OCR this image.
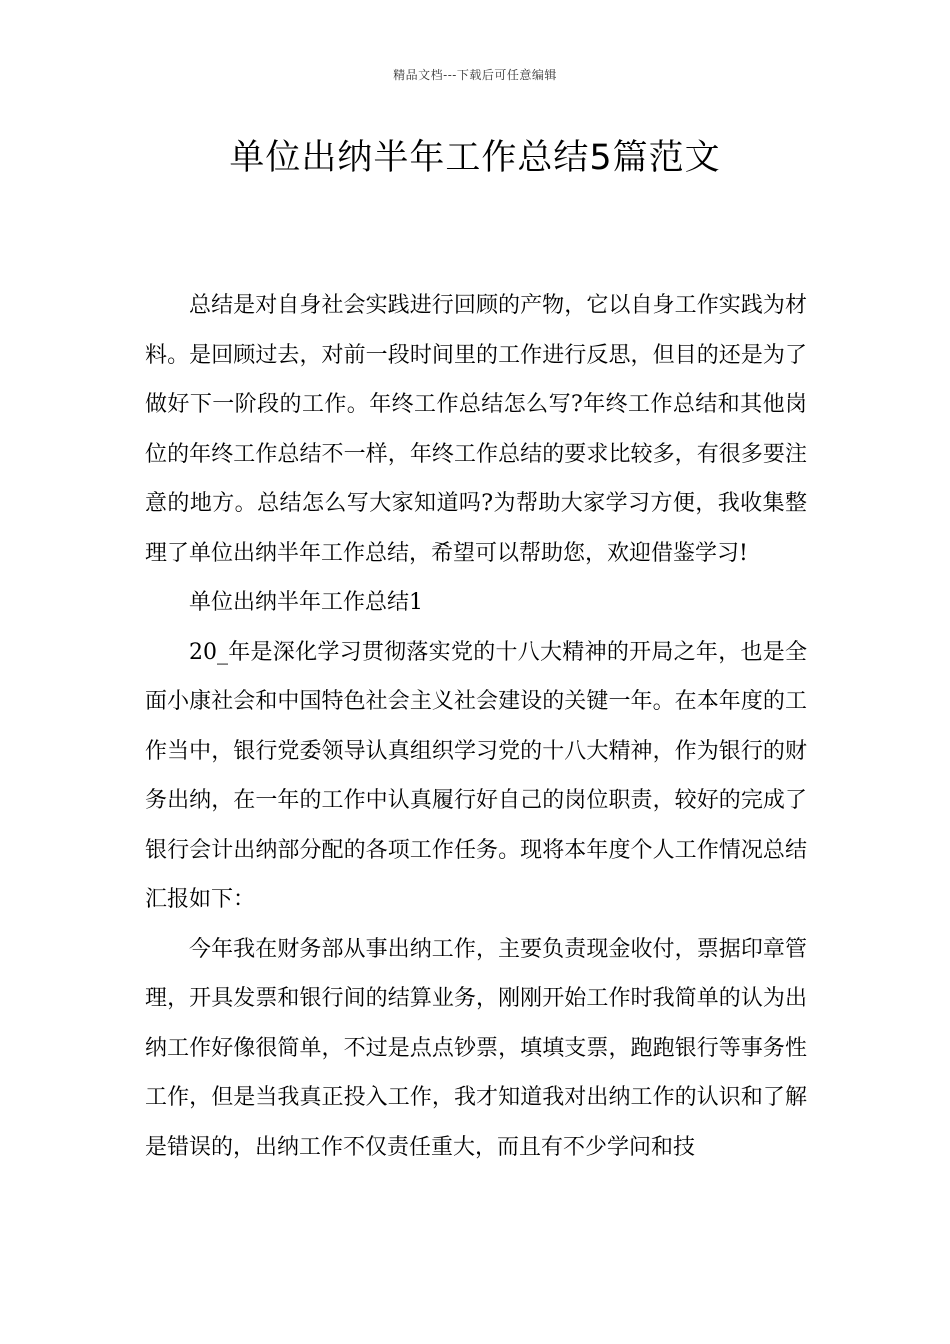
精品文档---下载后可任意编辑
单位出纳半年工作总结5篇范文

总结是对自身社会实践进行回顾的产物，它以自身工作实践为材料。是回顾过去，对前一段时间里的工作进行反思，但目的还是为了做好下一阶段的工作。年终工作总结怎么写?年终工作总结和其他岗位的年终工作总结不一样，年终工作总结的要求比较多，有很多要注意的地方。总结怎么写大家知道吗?为帮助大家学习方便，我收集整理了单位出纳半年工作总结，希望可以帮助您，欢迎借鉴学习!

单位出纳半年工作总结1

20_年是深化学习贯彻落实党的十八大精神的开局之年，也是全面小康社会和中国特色社会主义社会建设的关键一年。在本年度的工作当中，银行党委领导认真组织学习党的十八大精神，作为银行的财务出纳，在一年的工作中认真履行好自己的岗位职责，较好的完成了银行会计出纳部分配的各项工作任务。现将本年度个人工作情况总结汇报如下：

今年我在财务部从事出纳工作，主要负责现金收付，票据印章管理，开具发票和银行间的结算业务，刚刚开始工作时我简单的认为出纳工作好像很简单，不过是点点钞票，填填支票，跑跑银行等事务性工作，但是当我真正投入工作，我才知道我对出纳工作的认识和了解是错误的，出纳工作不仅责任重大，而且有不少学问和技
